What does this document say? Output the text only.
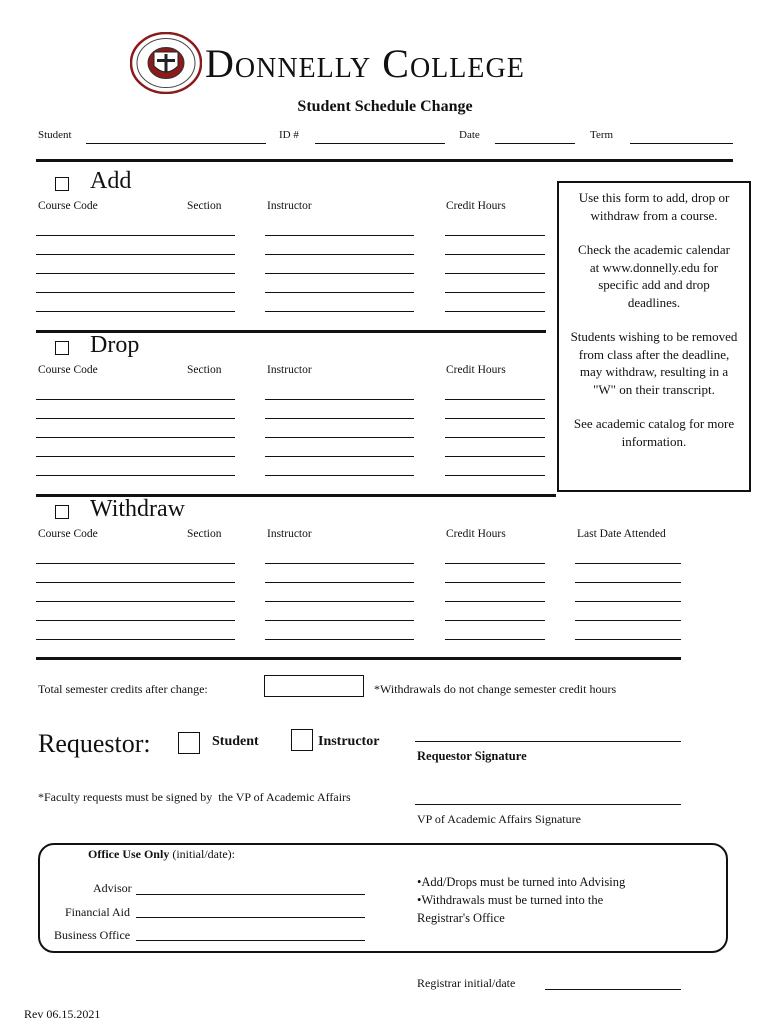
Donnelly College
Student Schedule Change
Student	ID #	Date	Term
Add
Course Code	Section	Instructor	Credit Hours
Drop
Course Code	Section	Instructor	Credit Hours
Use this form to add, drop or withdraw from a course.
Check the academic calendar at www.donnelly.edu for specific add and drop deadlines.
Students wishing to be removed from class after the deadline, may withdraw, resulting in a "W" on their transcript.
See academic catalog for more information.
Withdraw
Course Code	Section	Instructor	Credit Hours	Last Date Attended
Total semester credits after change:	*Withdrawals do not change semester credit hours
Requestor:	Student	Instructor
Requestor Signature
*Faculty requests must be signed by  the VP of Academic Affairs
VP of Academic Affairs Signature
Office Use Only (initial/date):
Advisor
Financial Aid
Business Office
•Add/Drops must be turned into Advising
•Withdrawals must be turned into the
Registrar's Office
Registrar initial/date
Rev 06.15.2021
